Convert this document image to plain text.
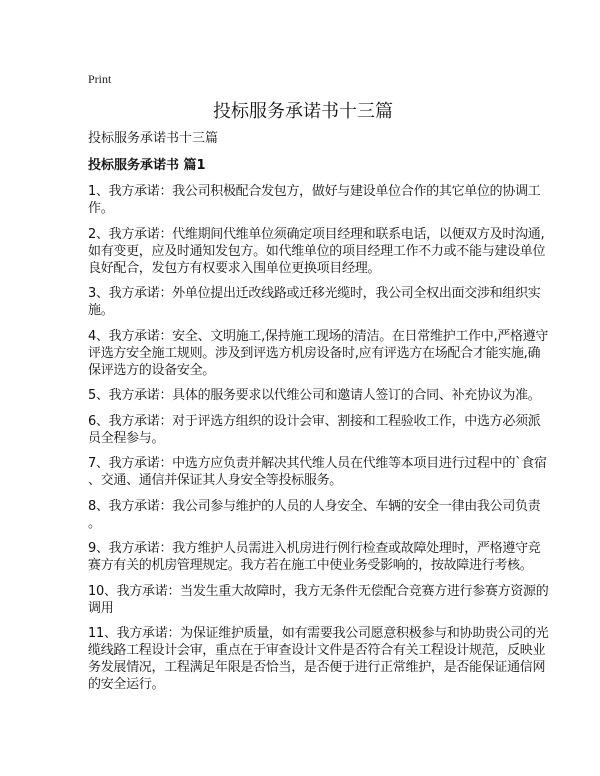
Print
投标服务承诺书十三篇
投标服务承诺书十三篇
投标服务承诺书 篇1
1、我方承诺：我公司积极配合发包方，做好与建设单位合作的其它单位的协调工
作。
2、我方承诺：代维期间代维单位须确定项目经理和联系电话，以便双方及时沟通,
如有变更，应及时通知发包方。如代维单位的项目经理工作不力或不能与建设单位
良好配合，发包方有权要求入围单位更换项目经理。
3、我方承诺：外单位提出迁改线路或迁移光缆时，我公司全权出面交涉和组织实
施。
4、我方承诺：安全、文明施工,保持施工现场的清洁。在日常维护工作中,严格遵守
评选方安全施工规则。涉及到评选方机房设备时,应有评选方在场配合才能实施,确
保评选方的设备安全。
5、我方承诺：具体的服务要求以代维公司和邀请人签订的合同、补充协议为准。
6、我方承诺：对于评选方组织的设计会审、割接和工程验收工作，中选方必须派
员全程参与。
7、我方承诺：中选方应负责并解决其代维人员在代维等本项目进行过程中的`食宿
、交通、通信并保证其人身安全等投标服务。
8、我方承诺：我公司参与维护的人员的人身安全、车辆的安全一律由我公司负责
。
9、我方承诺：我方维护人员需进入机房进行例行检查或故障处理时，严格遵守竞
赛方有关的机房管理规定。我方若在施工中使业务受影响的，按故障进行考核。
10、我方承诺：当发生重大故障时，我方无条件无偿配合竞赛方进行参赛方资源的
调用
11、我方承诺：为保证维护质量，如有需要我公司愿意积极参与和协助贵公司的光
缆线路工程设计会审，重点在于审查设计文件是否符合有关工程设计规范，反映业
务发展情况，工程满足年限是否恰当，是否便于进行正常维护，是否能保证通信网
的安全运行。
